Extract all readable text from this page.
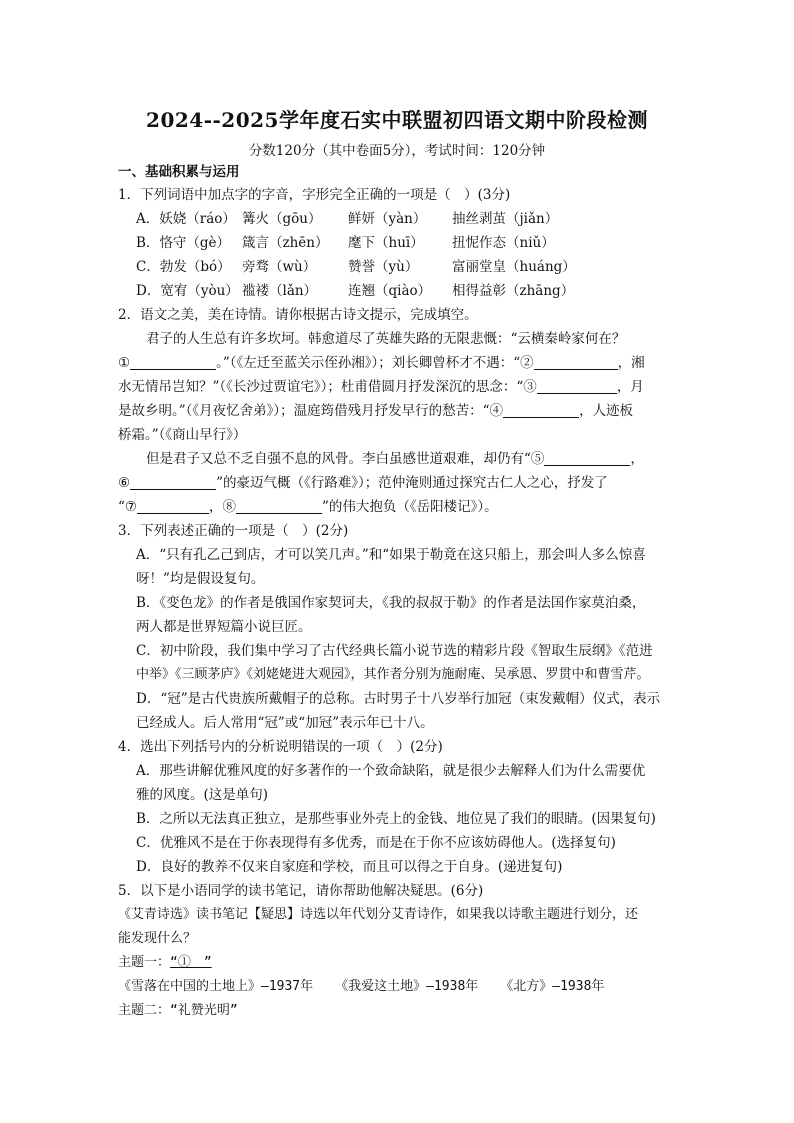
2024--2025学年度石实中联盟初四语文期中阶段检测
分数120分（其中卷面5分），考试时间：120分钟
一、基础积累与运用
1．下列词语中加点字的字音，字形完全正确的一项是（　）(3分)
A．妖娆（ráo） 篝火（gōu） 鲜妍（yàn） 抽丝剥茧（jiǎn）
B．恪守（gè） 箴言（zhēn） 麾下（huī） 扭怩作态（niǔ）
C．勃发（bó） 旁骛（wù） 赞誉（yù） 富丽堂皇（huáng）
D．宽宥（yòu） 褴褛（lǎn） 连翘（qiào） 相得益彰（zhāng）
2．语文之美，美在诗情。请你根据古诗文提示，完成填空。
君子的人生总有许多坎坷。韩愈道尽了英雄失路的无限悲慨：“云横秦岭家何在？
①	。”（《左迁至蓝关示侄孙湘》）；刘长卿曾杯才不遇：“②	，湘
水无情吊岂知？”（《长沙过贾谊宅》）；杜甫借圆月抒发深沉的思念：“③	，月
是故乡明。”（《月夜忆舍弟》）；温庭筠借残月抒发早行的愁苦：“④	，人迹板
桥霜。”（《商山早行》）
但是君子又总不乏自强不息的风骨。李白虽感世道艰难，却仍有“⑤	，
⑥	”的豪迈气概（《行路难》）；范仲淹则通过探究古仁人之心，抒发了
“⑦	，⑧	”的伟大抱负（《岳阳楼记》）。
3．下列表述正确的一项是（　）(2分)
A．“只有孔乙己到店，才可以笑几声。”和“如果于勒竟在这只船上，那会叫人多么惊喜
呀！”均是假设复句。
B．《变色龙》的作者是俄国作家契诃夫，《我的叔叔于勒》的作者是法国作家莫泊桑，
两人都是世界短篇小说巨匠。
C．初中阶段，我们集中学习了古代经典长篇小说节选的精彩片段《智取生辰纲》《范进
中举》《三顾茅庐》《刘姥姥进大观园》，其作者分别为施耐庵、吴承恩、罗贯中和曹雪芹。
D．“冠”是古代贵族所戴帽子的总称。古时男子十八岁举行加冠（束发戴帽）仪式，表示
已经成人。后人常用“冠”或“加冠”表示年已十八。
4．选出下列括号内的分析说明错误的一项（　）(2分)
A．那些讲解优雅风度的好多著作的一个致命缺陷，就是很少去解释人们为什么需要优
雅的风度。(这是单句)
B．之所以无法真正独立，是那些事业外壳上的金钱、地位晃了我们的眼睛。(因果复句)
C．优雅风不是在于你表现得有多优秀，而是在于你不应该妨碍他人。(选择复句)
D．良好的教养不仅来自家庭和学校，而且可以得之于自身。(递进复句)
5．以下是小语同学的读书笔记，请你帮助他解决疑思。(6分)
《艾青诗选》读书笔记【疑思】诗选以年代划分艾青诗作，如果我以诗歌主题进行划分，还
能发现什么？
主题一：“①　”
《雪落在中国的土地上》—1937年 《我爱这土地》—1938年 《北方》—1938年
主题二：“礼赞光明”
